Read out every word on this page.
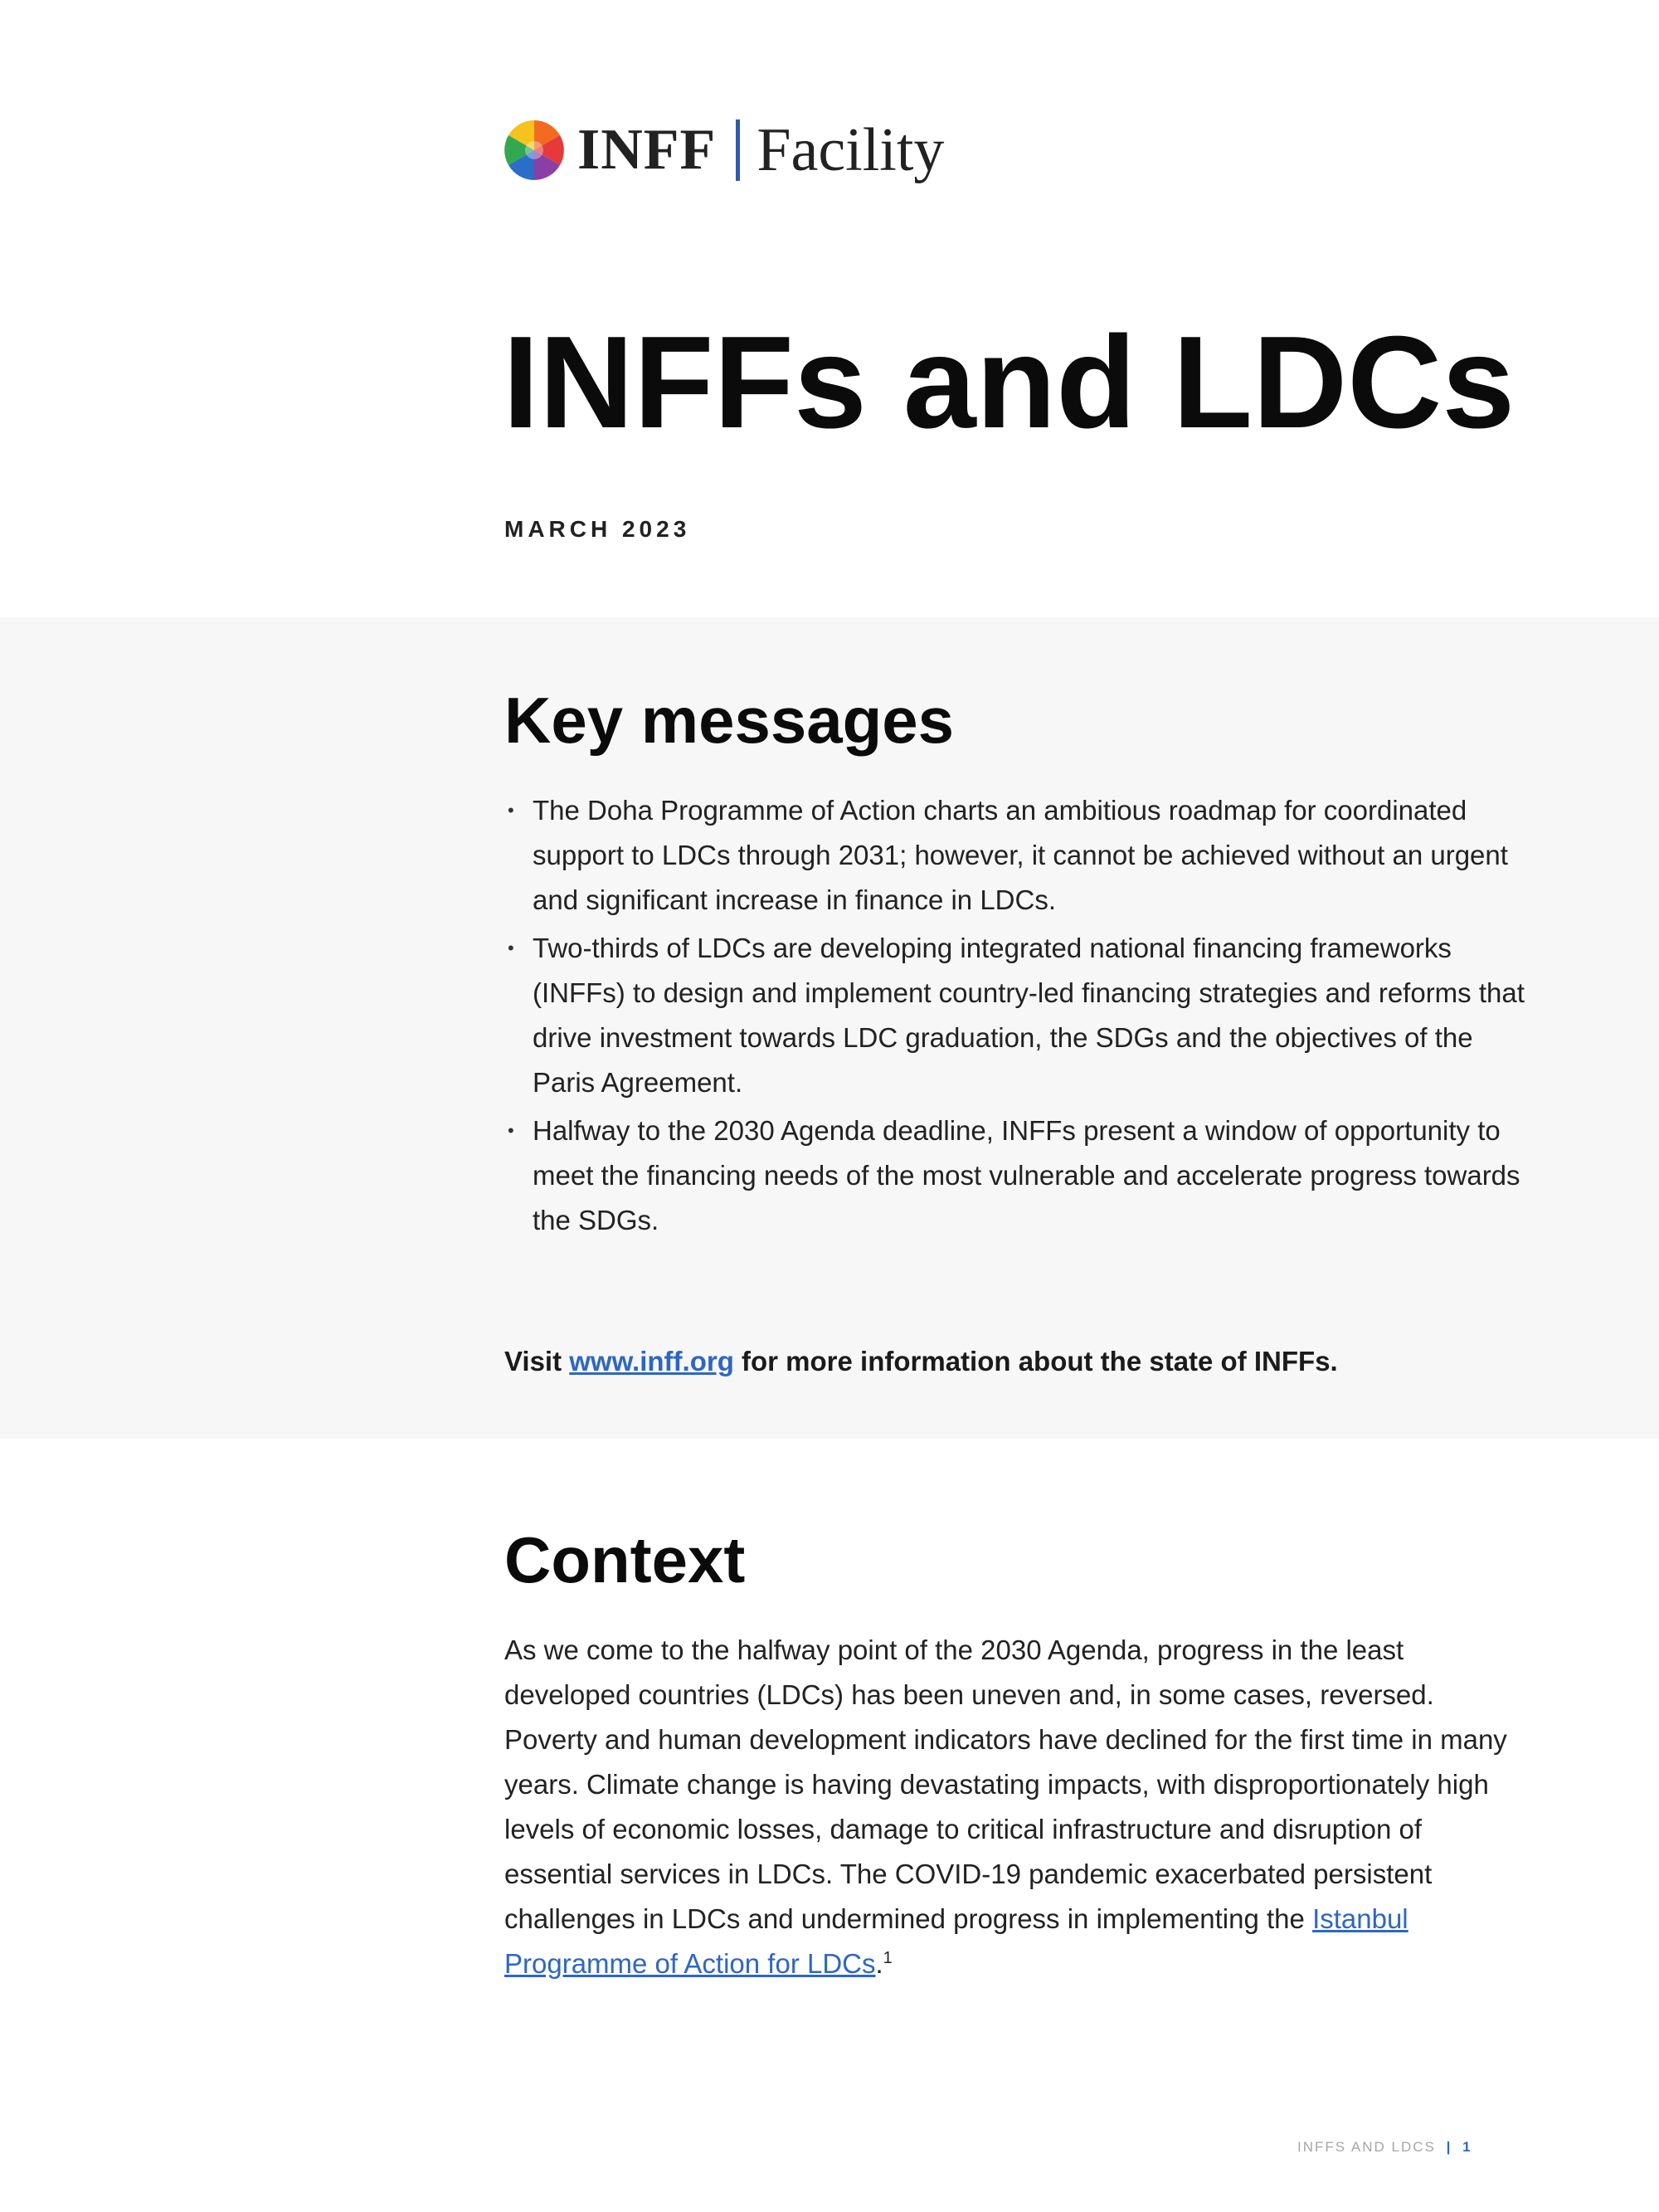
INFF Facility
INFFs and LDCs
MARCH 2023
Key messages
• The Doha Programme of Action charts an ambitious roadmap for coordinated support to LDCs through 2031; however, it cannot be achieved without an urgent and significant increase in finance in LDCs.
• Two-thirds of LDCs are developing integrated national financing frameworks (INFFs) to design and implement country-led financing strategies and reforms that drive investment towards LDC graduation, the SDGs and the objectives of the Paris Agreement.
• Halfway to the 2030 Agenda deadline, INFFs present a window of opportunity to meet the financing needs of the most vulnerable and accelerate progress towards the SDGs.
Visit www.inff.org for more information about the state of INFFs.
Context

As we come to the halfway point of the 2030 Agenda, progress in the least developed countries (LDCs) has been uneven and, in some cases, reversed. Poverty and human development indicators have declined for the first time in many years. Climate change is having devastating impacts, with disproportionately high levels of economic losses, damage to critical infrastructure and disruption of essential services in LDCs. The COVID-19 pandemic exacerbated persistent challenges in LDCs and undermined progress in implementing the Istanbul Programme of Action for LDCs.$^1$

INFFS AND LDCS | 1
